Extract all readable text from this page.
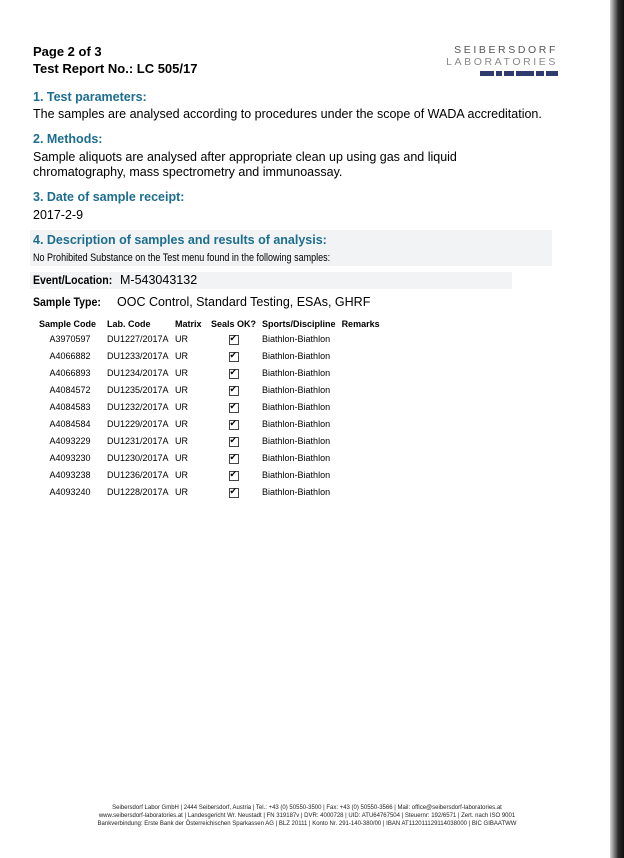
Page 2 of 3
Test Report No.: LC 505/17
SEIBERSDORF
LABORATORIES
1. Test parameters:
The samples are analysed according to procedures under the scope of WADA accreditation.
2. Methods:
Sample aliquots are analysed after appropriate clean up using gas and liquid
chromatography, mass spectrometry and immunoassay.
3. Date of sample receipt:
2017-2-9
4. Description of samples and results of analysis:
No Prohibited Substance on the Test menu found in the following samples:
Event/Location: M-543043132
Sample Type: OOC Control, Standard Testing, ESAs, GHRF
Sample Code	Lab. Code	Matrix	Seals OK?	Sports/Discipline	Remarks
A3970597	DU1227/2017A	UR	✔	Biathlon-Biathlon	
A4066882	DU1233/2017A	UR	✔	Biathlon-Biathlon	
A4066893	DU1234/2017A	UR	✔	Biathlon-Biathlon	
A4084572	DU1235/2017A	UR	✔	Biathlon-Biathlon	
A4084583	DU1232/2017A	UR	✔	Biathlon-Biathlon	
A4084584	DU1229/2017A	UR	✔	Biathlon-Biathlon	
A4093229	DU1231/2017A	UR	✔	Biathlon-Biathlon	
A4093230	DU1230/2017A	UR	✔	Biathlon-Biathlon	
A4093238	DU1236/2017A	UR	✔	Biathlon-Biathlon	
A4093240	DU1228/2017A	UR	✔	Biathlon-Biathlon	
Seibersdorf Labor GmbH | 2444 Seibersdorf, Austria | Tel.: +43 (0) 50550-3500 | Fax: +43 (0) 50550-3566 | Mail: office@seibersdorf-laboratories.at
www.seibersdorf-laboratories.at | Landesgericht Wr. Neustadt | FN 319187v | DVR: 4000728 | UID: ATU64767504 | Steuernr: 192/6571 | Zert. nach ISO 9001
Bankverbindung: Erste Bank der Österreichischen Sparkassen AG | BLZ 20111 | Konto Nr. 291-140-380/00 | IBAN AT112011129114038000 | BIC GIBAATWW
